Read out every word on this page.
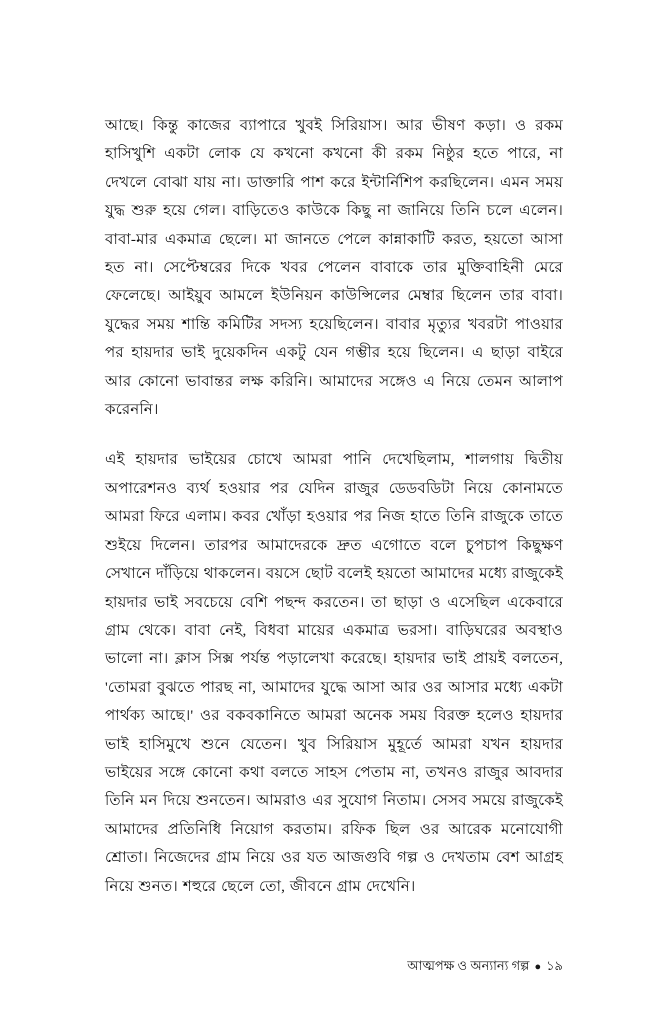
আছে। কিন্তু কাজের ব্যাপারে খুবই সিরিয়াস। আর ভীষণ কড়া। ও রকম হাসিখুশি একটা লোক যে কখনো কখনো কী রকম নিষ্ঠুর হতে পারে, না দেখলে বোঝা যায় না। ডাক্তারি পাশ করে ইন্টার্নিশিপ করছিলেন। এমন সময় যুদ্ধ শুরু হয়ে গেল। বাড়িতেও কাউকে কিছু না জানিয়ে তিনি চলে এলেন। বাবা-মার একমাত্র ছেলে। মা জানতে পেলে কান্নাকাটি করত, হয়তো আসা হত না। সেপ্টেম্বরের দিকে খবর পেলেন বাবাকে তার মুক্তিবাহিনী মেরে ফেলেছে। আইয়ুব আমলে ইউনিয়ন কাউন্সিলের মেম্বার ছিলেন তার বাবা। যুদ্ধের সময় শান্তি কমিটির সদস্য হয়েছিলেন। বাবার মৃত্যুর খবরটা পাওয়ার পর হায়দার ভাই দুয়েকদিন একটু যেন গম্ভীর হয়ে ছিলেন। এ ছাড়া বাইরে আর কোনো ভাবান্তর লক্ষ করিনি। আমাদের সঙ্গেও এ নিয়ে তেমন আলাপ করেননি।

এই হায়দার ভাইয়ের চোখে আমরা পানি দেখেছিলাম, শালগায় দ্বিতীয় অপারেশনও ব্যর্থ হওয়ার পর যেদিন রাজুর ডেডবডিটা নিয়ে কোনামতে আমরা ফিরে এলাম। কবর খোঁড়া হওয়ার পর নিজ হাতে তিনি রাজুকে তাতে শুইয়ে দিলেন। তারপর আমাদেরকে দ্রুত এগোতে বলে চুপচাপ কিছুক্ষণ সেখানে দাঁড়িয়ে থাকলেন। বয়সে ছোট বলেই হয়তো আমাদের মধ্যে রাজুকেই হায়দার ভাই সবচেয়ে বেশি পছন্দ করতেন। তা ছাড়া ও এসেছিল একেবারে গ্রাম থেকে। বাবা নেই, বিধবা মায়ের একমাত্র ভরসা। বাড়িঘরের অবস্থাও ভালো না। ক্লাস সিক্স পর্যন্ত পড়ালেখা করেছে। হায়দার ভাই প্রায়ই বলতেন, 'তোমরা বুঝতে পারছ না, আমাদের যুদ্ধে আসা আর ওর আসার মধ্যে একটা পার্থক্য আছে।' ওর বকবকানিতে আমরা অনেক সময় বিরক্ত হলেও হায়দার ভাই হাসিমুখে শুনে যেতেন। খুব সিরিয়াস মুহূর্তে আমরা যখন হায়দার ভাইয়ের সঙ্গে কোনো কথা বলতে সাহস পেতাম না, তখনও রাজুর আবদার তিনি মন দিয়ে শুনতেন। আমরাও এর সুযোগ নিতাম। সেসব সময়ে রাজুকেই আমাদের প্রতিনিধি নিয়োগ করতাম। রফিক ছিল ওর আরেক মনোযোগী শ্রোতা। নিজেদের গ্রাম নিয়ে ওর যত আজগুবি গল্প ও দেখতাম বেশ আগ্রহ নিয়ে শুনত। শহুরে ছেলে তো, জীবনে গ্রাম দেখেনি।

আত্মপক্ষ ও অন্যান্য গল্প ● ১৯
